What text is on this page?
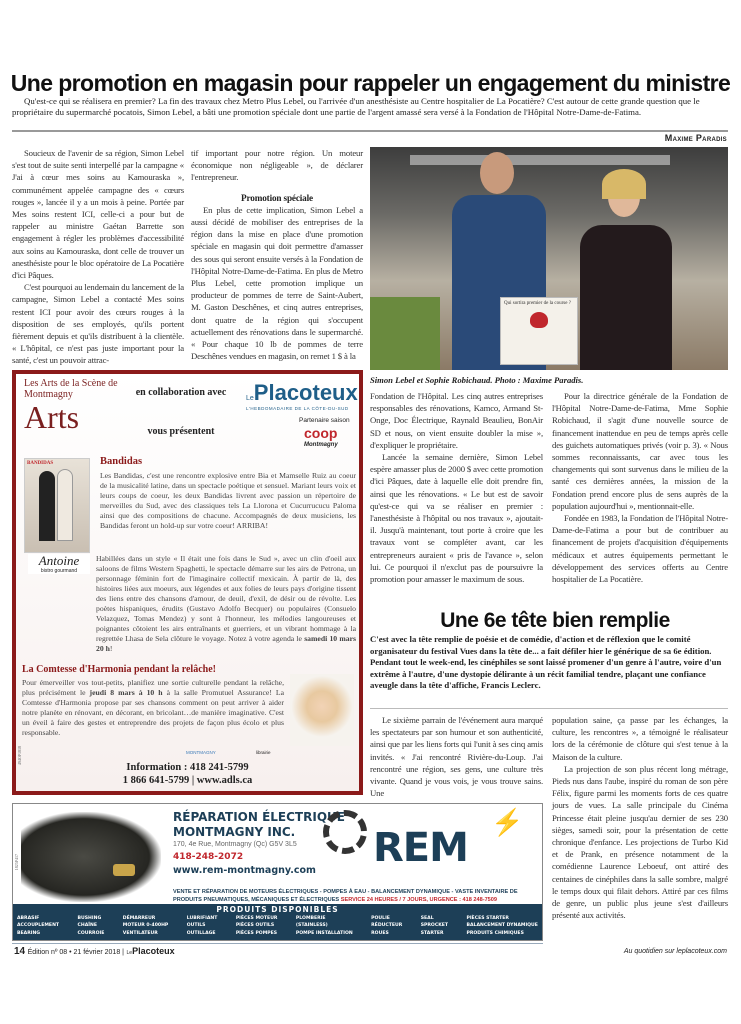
Une promotion en magasin pour rappeler un engagement du ministre
Qu'est-ce qui se réalisera en premier? La fin des travaux chez Metro Plus Lebel, ou l'arrivée d'un anesthésiste au Centre hospitalier de La Pocatière? C'est autour de cette grande question que le propriétaire du supermarché pocatois, Simon Lebel, a bâti une promotion spéciale dont une partie de l'argent amassé sera versé à la Fondation de l'Hôpital Notre-Dame-de-Fatima.
Maxime Paradis

Soucieux de l'avenir de sa région, Simon Lebel s'est tout de suite senti interpellé par la campagne « J'ai à cœur mes soins au Kamouraska », communément appelée campagne des « cœurs rouges », lancée il y a un mois à peine. Portée par Mes soins restent ICI, celle-ci a pour but de rappeler au ministre Gaétan Barrette son engagement à régler les problèmes d'accessibilité aux soins au Kamouraska, dont celle de trouver un anesthésiste pour le bloc opératoire de La Pocatière d'ici Pâques.

C'est pourquoi au lendemain du lancement de la campagne, Simon Lebel a contacté Mes soins restent ICI pour avoir des cœurs rouges à la disposition de ses employés, qu'ils portent fièrement depuis et qu'ils distribuent à la clientèle. « L'hôpital, ce n'est pas juste important pour la santé, c'est un pouvoir attrac-

tif important pour notre région. Un moteur économique non négligeable », de déclarer l'entrepreneur.
Promotion spéciale

En plus de cette implication, Simon Lebel a aussi décidé de mobiliser des entreprises de la région dans la mise en place d'une promotion spéciale en magasin qui doit permettre d'amasser des sous qui seront ensuite versés à la Fondation de l'Hôpital Notre-Dame-de-Fatima. En plus de Metro Plus Lebel, cette promotion implique un producteur de pommes de terre de Saint-Aubert, M. Gaston Deschênes, et cinq autres entreprises, dont quatre de la région qui s'occupent actuellement des rénovations dans le supermarché. « Pour chaque 10 lb de pommes de terre Deschênes vendues en magasin, on remet 1 $ à la

Qui sortira premier de la course ?
Simon Lebel et Sophie Robichaud. Photo : Maxime Paradis.
Fondation de l'Hôpital. Les cinq autres entreprises responsables des rénovations, Kamco, Armand St-Onge, Doc Électrique, Raynald Beaulieu, BonAir SD et nous, on vient ensuite doubler la mise », d'expliquer le propriétaire.

Lancée la semaine dernière, Simon Lebel espère amasser plus de 2000 $ avec cette promotion d'ici Pâques, date à laquelle elle doit prendre fin, ainsi que les rénovations. « Le but est de savoir qu'est-ce qui va se réaliser en premier : l'anesthésiste à l'hôpital ou nos travaux », ajoutait-il. Jusqu'à maintenant, tout porte à croire que les travaux vont se compléter avant, car les entrepreneurs auraient « pris de l'avance », selon lui. Ce pourquoi il n'exclut pas de poursuivre la promotion pour amasser le maximum de sous.

Pour la directrice générale de la Fondation de l'Hôpital Notre-Dame-de-Fatima, Mme Sophie Robichaud, il s'agit d'une nouvelle source de financement inattendue en peu de temps après celle des guichets automatiques privés (voir p. 3). « Nous sommes reconnaissants, car avec tous les changements qui sont survenus dans le milieu de la santé ces dernières années, la mission de la Fondation prend encore plus de sens auprès de la population aujourd'hui », mentionnait-elle.

Fondée en 1983, la Fondation de l'Hôpital Notre-Dame-de-Fatima a pour but de contribuer au financement de projets d'acquisition d'équipements médicaux et autres équipements permettant le développement des services offerts au Centre hospitalier de La Pocatière.

Les Arts de la Scène de Montmagny
Arts
en collaboration avec
vous présentent
LePlacoteux
L'HEBDOMADAIRE DE LA CÔTE-DU-SUD
Partenaire saison
coop
Montmagny
BANDIDAS
Antoine
bistro gourmand
Bandidas
Les Bandidas, c'est une rencontre explosive entre Bia et Mamselle Ruiz au coeur de la musicalité latine, dans un spectacle poétique et sensuel. Mariant leurs voix et leurs coups de coeur, les deux Bandidas livrent avec passion un répertoire de merveilles du Sud, avec des classiques tels La Llorona et Cucurrucucu Paloma ainsi que des compositions de chacune. Accompagnés de deux musiciens, les Bandidas feront un hold-up sur votre coeur! ARRIBA!
Habillées dans un style « Il était une fois dans le Sud », avec un clin d'oeil aux saloons de films Western Spaghetti, le spectacle démarre sur les airs de Petrona, un personnage féminin fort de l'imaginaire collectif mexicain. À partir de là, des histoires liées aux moeurs, aux légendes et aux folies de leurs pays d'origine tissent des liens entre des chansons d'amour, de deuil, d'exil, de désir ou de révolte. Les poètes hispaniques, érudits (Gustavo Adolfo Becquer) ou populaires (Consuelo Velazquez, Tomas Mendez) y sont à l'honneur, les mélodies langoureuses et poignantes côtoient les airs entraînants et guerriers, et un vibrant hommage à la regrettée Lhasa de Sela clôture le voyage. Notez à votre agenda le samedi 10 mars 20 h!
La Comtesse d'Harmonia pendant la relâche!
Pour émerveiller vos tout-petits, planifiez une sortie culturelle pendant la relâche, plus précisément le jeudi 8 mars à 10 h à la salle Promutuel Assurance! La Comtesse d'Harmonia propose par ses chansons comment on peut arriver à aider notre planète en rénovant, en décorant, en bricolant…de manière imaginative. C'est un éveil à faire des gestes et entreprendre des projets de façon plus écolo et plus responsable.
MONTMAGNY	librairie
Information : 418 241-5799
1 866 641-5799 | www.adls.ca
494OP1818
Une 6e tête bien remplie
C'est avec la tête remplie de poésie et de comédie, d'action et de réflexion que le comité organisateur du festival Vues dans la tête de... a fait défiler hier le générique de sa 6e édition. Pendant tout le week-end, les cinéphiles se sont laissé promener d'un genre à l'autre, voire d'un extrême à l'autre, d'une dystopie délirante à un récit familial tendre, plaçant une confiance aveugle dans la tête d'affiche, Francis Leclerc.

Le sixième parrain de l'événement aura marqué les spectateurs par son humour et son authenticité, ainsi que par les liens forts qui l'unit à ses cinq amis invités. « J'ai rencontré Rivière-du-Loup. J'ai rencontré une région, ses gens, une culture très vivante. Quand je vous vois, je vous trouve sains. Une

population saine, ça passe par les échanges, la culture, les rencontres », a témoigné le réalisateur lors de la cérémonie de clôture qui s'est tenue à la Maison de la culture.

La projection de son plus récent long métrage, Pieds nus dans l'aube, inspiré du roman de son père Félix, figure parmi les moments forts de ces quatre jours de vues. La salle principale du Cinéma Princesse était pleine jusqu'au dernier de ses 230 sièges, samedi soir, pour la présentation de cette chronique d'enfance. Les projections de Turbo Kid et de Prank, en présence notamment de la comédienne Laurence Leboeuf, ont attiré des centaines de cinéphiles dans la salle sombre, malgré le temps doux qui filait dehors. Attiré par ces films de genre, un public plus jeune s'est d'ailleurs présenté aux activités.

RÉPARATION ÉLECTRIQUE
MONTMAGNY INC.
170, 4e Rue, Montmagny (Qc) G5V 3L5
418-248-2072
www.rem-montmagny.com REM
⚡
VENTE ET RÉPARATION DE MOTEURS ÉLECTRIQUES - POMPES À EAU - BALANCEMENT DYNAMIQUE - VASTE INVENTAIRE DE
PRODUITS PNEUMATIQUES, MÉCANIQUES ET ÉLECTRIQUES SERVICE 24 HEURES / 7 JOURS, URGENCE : 418 248-7509
PRODUITS DISPONIBLES
ABRASIF
ACCOUPLEMENT
BEARING
BUSHING
CHAÎNE
COURROIE
DÉMARREUR
MOTEUR 0-400HP
VENTILATEUR
LUBRIFIANT
OUTILS
OUTILLAGE
PIÈCES MOTEUR
PIÈCES OUTILS
PIÈCES POMPES
PLOMBERIE
(STAINLESS)
POMPE INSTALLATION
POULIE
RÉDUCTEUR
ROUES
SEAL
SPROCKET
STARTER
PIÈCES STARTER
BALANCEMENT DYNAMIQUE
PRODUITS CHIMIQUES
1825P417
14 Édition nº 08 • 21 février 2018 | LePlacoteux	Au quotidien sur leplacoteux.com
